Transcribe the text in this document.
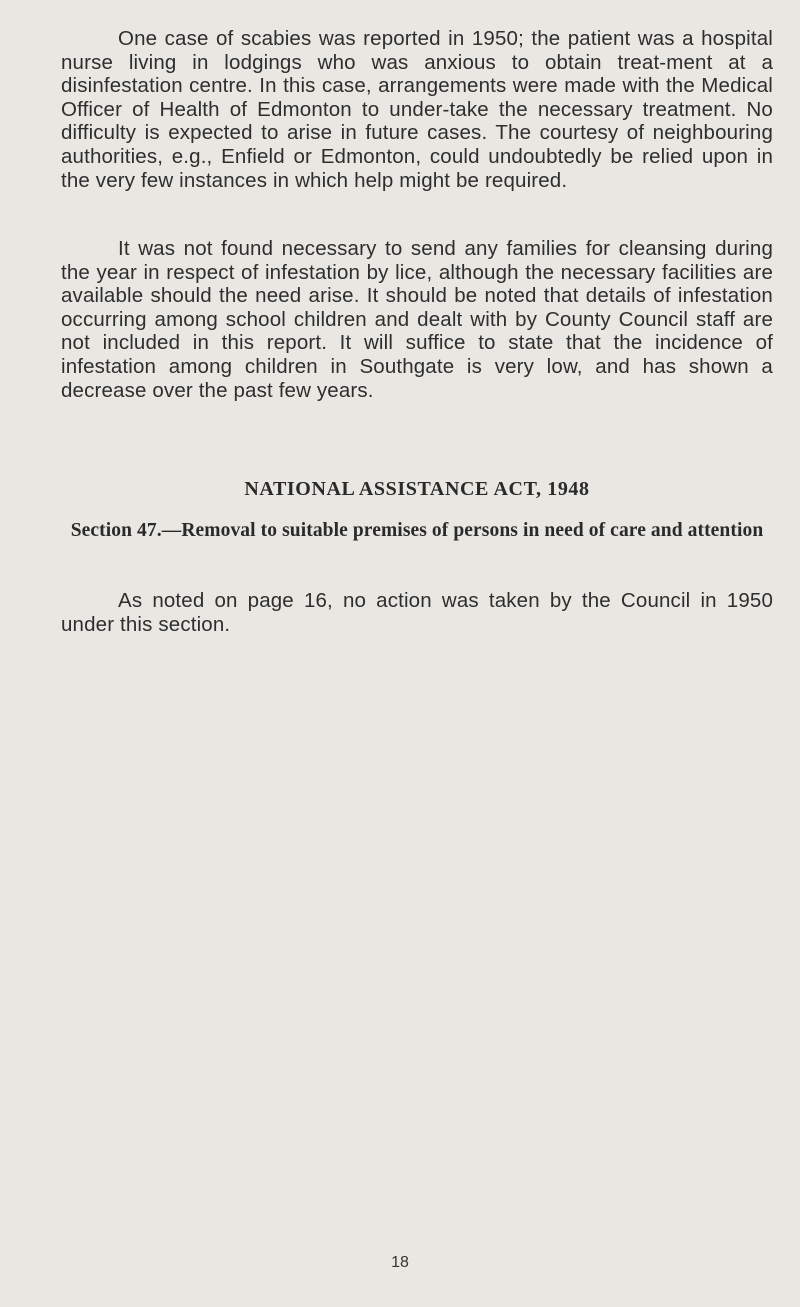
One case of scabies was reported in 1950; the patient was a hospital nurse living in lodgings who was anxious to obtain treat-ment at a disinfestation centre. In this case, arrangements were made with the Medical Officer of Health of Edmonton to under-take the necessary treatment. No difficulty is expected to arise in future cases. The courtesy of neighbouring authorities, e.g., Enfield or Edmonton, could undoubtedly be relied upon in the very few instances in which help might be required.

It was not found necessary to send any families for cleansing during the year in respect of infestation by lice, although the necessary facilities are available should the need arise. It should be noted that details of infestation occurring among school children and dealt with by County Council staff are not included in this report. It will suffice to state that the incidence of infestation among children in Southgate is very low, and has shown a decrease over the past few years.

NATIONAL ASSISTANCE ACT, 1948
Section 47.—Removal to suitable premises of persons in need of care and attention

As noted on page 16, no action was taken by the Council in 1950 under this section.

18
